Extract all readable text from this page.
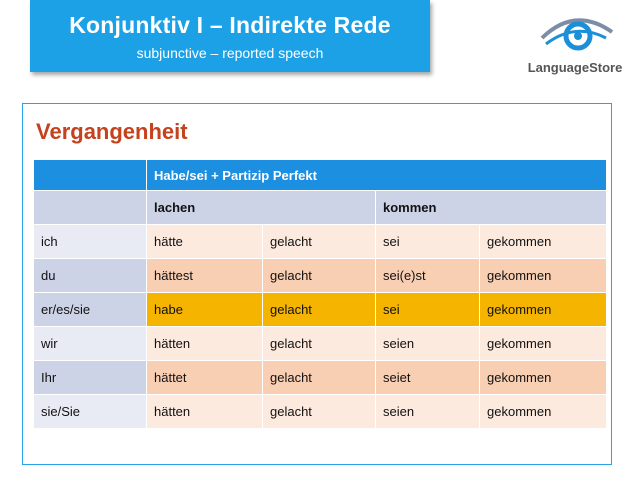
Konjunktiv I – Indirekte Rede
subjunctive – reported speech
LanguageStore
Vergangenheit
	Habe/sei + Partizip Perfekt			
	lachen		kommen	
ich	hätte	gelacht	sei	gekommen
du	hättest	gelacht	sei(e)st	gekommen
er/es/sie	habe	gelacht	sei	gekommen
wir	hätten	gelacht	seien	gekommen
Ihr	hättet	gelacht	seiet	gekommen
sie/Sie	hätten	gelacht	seien	gekommen
